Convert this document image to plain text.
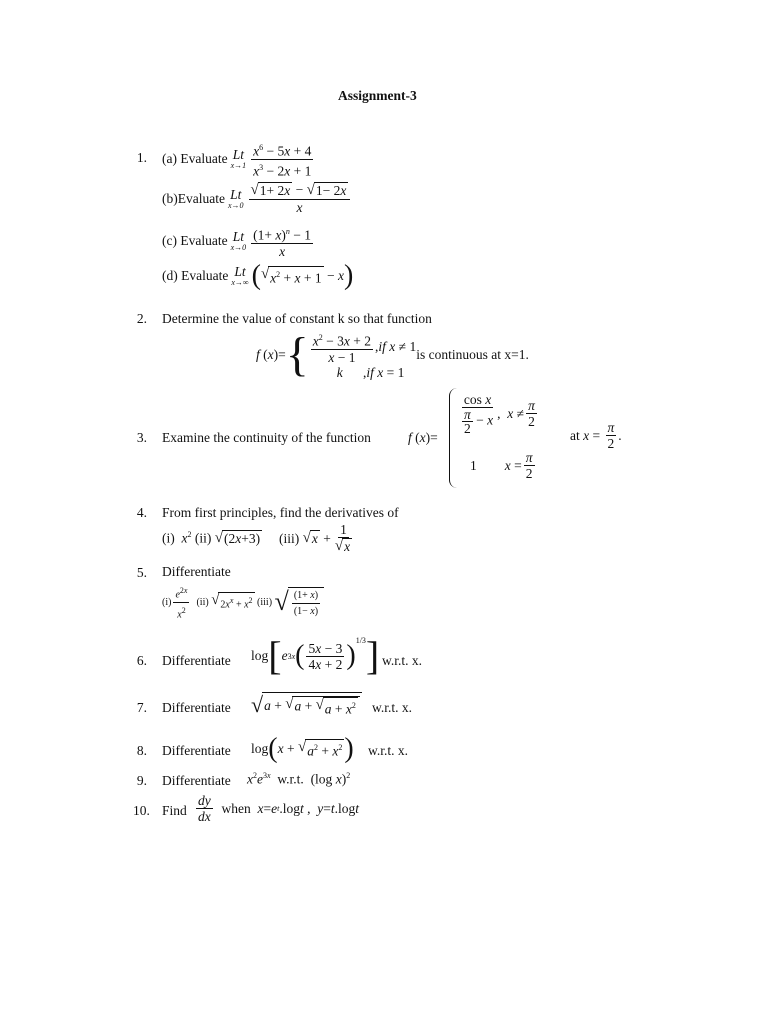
Assignment-3
1. (a) Evaluate Lt
$x\to 1 \frac{x^6 - 5x + 4}{x^3 - 2x + 1}$
(b)Evaluate Lt
$x\to 0 \frac{√ 1+ 2x - √ 1- 2x}{x}$
(c) Evaluate Lt
$x\to 0 \frac{(1+ x)^n - 1}{x}$
(d) Evaluate Lt
x→∞ ( √ $x^2 + x + 1 - x$ )
2. Determine the value of constant k so that function
f ( x )= { $\frac{x^2 - 3x + 2}{x - 1}$ , if x ≠ 1
k      ,if x = 1
is continuous at x=1.
3. Examine the continuity of the function	f (x)=
$\frac{\text{cos x}}{\frac{\pi}{2} - x}$ ,  $x \ne \frac{\pi}{2}$
1 $x = \frac{\pi}{2}$
at
$x = \frac{\pi}{2}$ .
4. From first principles, find the derivatives of
(i)  $x^2$ (ii) √ (2x+3) (iii) √ $x + \frac{1}{√ x}$
5. Differentiate
$(i) \frac{e^{2x}}{x^2} (ii)$ √ $2x^x + x^2$ (iii) √ $\frac{(1+ x)}{(1- x)}$
6. Differentiate log [ e 3x ( $\frac{5x - 3}{4x + 2} )^{1/3}$ ] w.r.t. x.
7. Differentiate √ a + √ a + √ $a + x^2$ w.r.t. x.
8. Differentiate log ( x + √ $a^2 + x^2$ ) w.r.t. x.
9. Differentiate $x^2e^{3x}$ w.r.t.  (log x)$^2$
10. Find $\frac{dy}{dx}$ when x = e t .log t , y = t .log t
